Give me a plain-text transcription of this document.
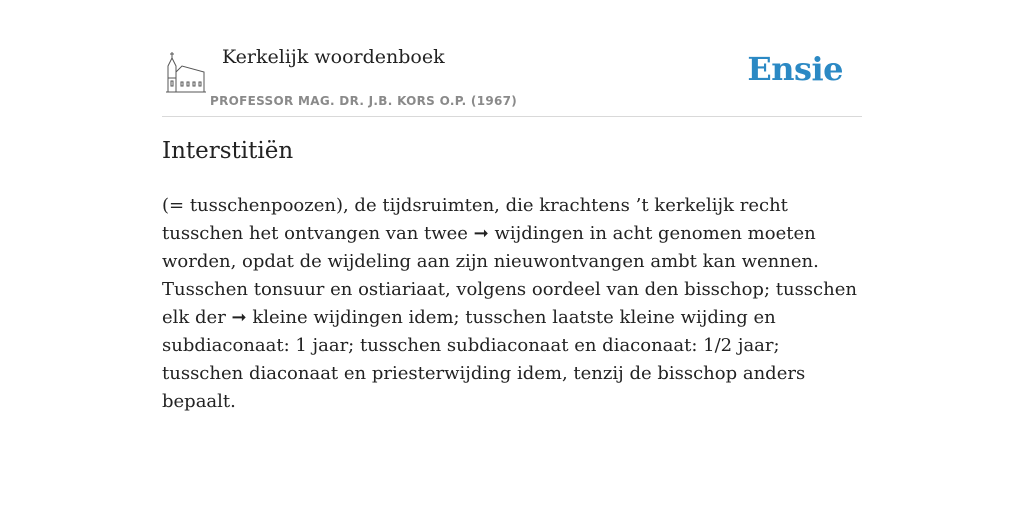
Kerkelijk woordenboek
PROFESSOR MAG. DR. J.B. KORS O.P. (1967)
Ensie
Interstitiën

(= tusschenpoozen), de tijdsruimten, die krachtens ’t kerkelijk recht tusschen het ontvangen van twee ➞ wijdingen in acht genomen moeten worden, opdat de wijdeling aan zijn nieuwontvangen ambt kan wennen. Tusschen tonsuur en ostiariaat, volgens oordeel van den bisschop; tusschen elk der ➞ kleine wijdingen idem; tusschen laatste kleine wijding en subdiaconaat: 1 jaar; tusschen subdiaconaat en diaconaat: 1/2 jaar; tusschen diaconaat en priesterwijding idem, tenzij de bisschop anders bepaalt.
